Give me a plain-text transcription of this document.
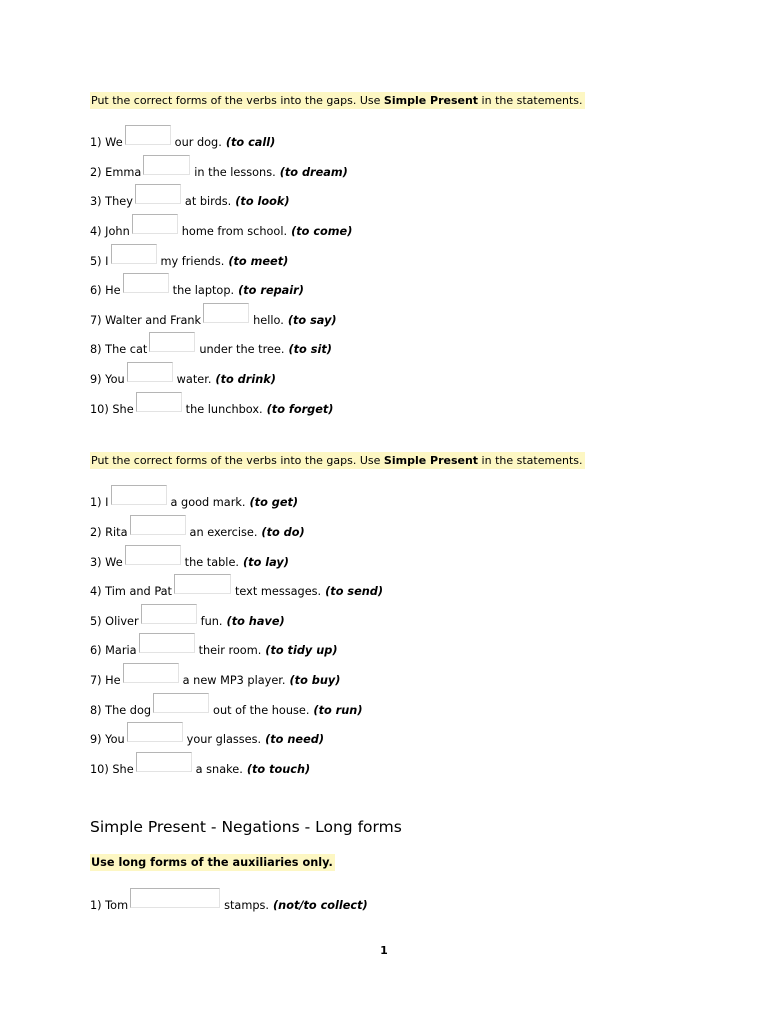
Put the correct forms of the verbs into the gaps. Use Simple Present in the statements.
1) We	our dog. (to call)
2) Emma	in the lessons. (to dream)
3) They	at birds. (to look)
4) John	home from school. (to come)
5) I	my friends. (to meet)
6) He	the laptop. (to repair)
7) Walter and Frank	hello. (to say)
8) The cat	under the tree. (to sit)
9) You	water. (to drink)
10) She	the lunchbox. (to forget)
Put the correct forms of the verbs into the gaps. Use Simple Present in the statements.
1) I	a good mark. (to get)
2) Rita	an exercise. (to do)
3) We	the table. (to lay)
4) Tim and Pat	text messages. (to send)
5) Oliver	fun. (to have)
6) Maria	their room. (to tidy up)
7) He	a new MP3 player. (to buy)
8) The dog	out of the house. (to run)
9) You	your glasses. (to need)
10) She	a snake. (to touch)
Simple Present - Negations - Long forms
Use long forms of the auxiliaries only.
1) Tom	stamps. (not/to collect)
1
